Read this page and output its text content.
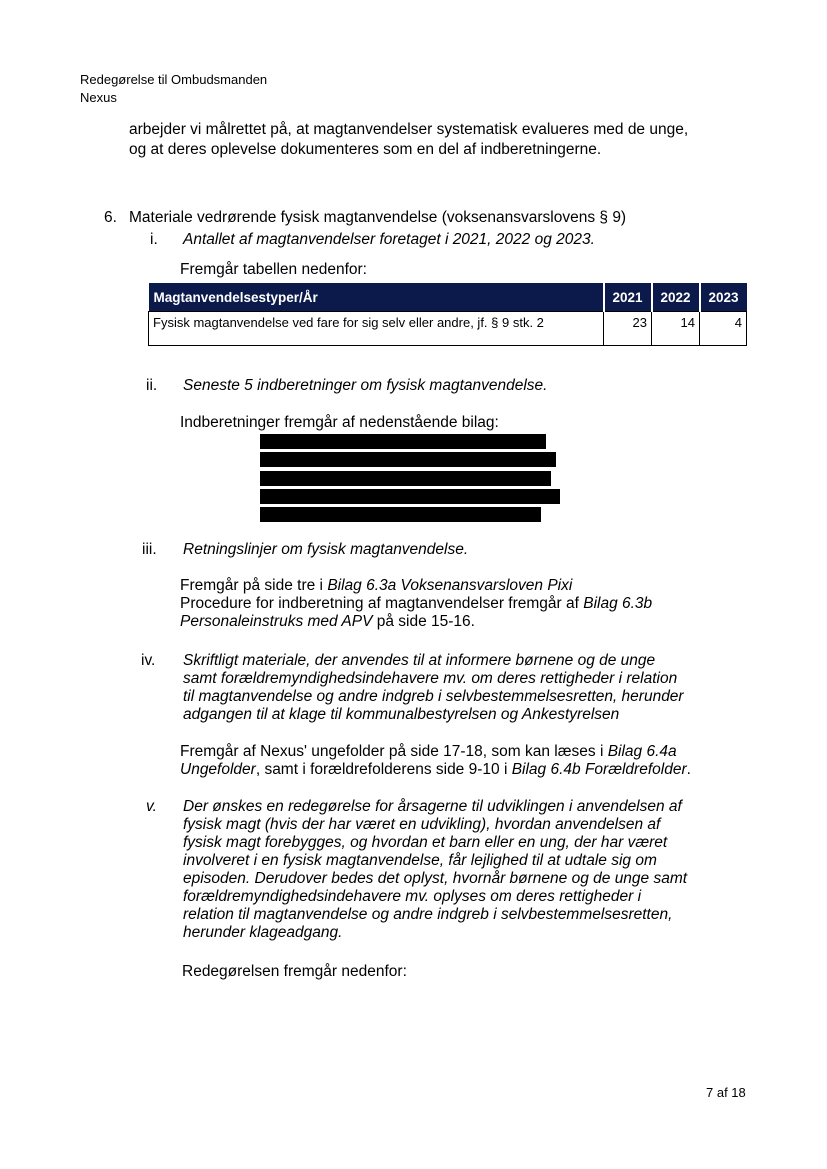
Redegørelse til Ombudsmanden
Nexus
arbejder vi målrettet på, at magtanvendelser systematisk evalueres med de unge,
og at deres oplevelse dokumenteres som en del af indberetningerne.
6. Materiale vedrørende fysisk magtanvendelse (voksenansvarslovens § 9)
i. Antallet af magtanvendelser foretaget i 2021, 2022 og 2023.
Fremgår tabellen nedenfor:
Magtanvendelsestyper/År	2021	2022	2023
Fysisk magtanvendelse ved fare for sig selv eller andre, jf. § 9 stk. 2	23	14	4
ii. Seneste 5 indberetninger om fysisk magtanvendelse.
Indberetninger fremgår af nedenstående bilag:
iii. Retningslinjer om fysisk magtanvendelse.
Fremgår på side tre i Bilag 6.3a Voksenansvarsloven Pixi
Procedure for indberetning af magtanvendelser fremgår af Bilag 6.3b
Personaleinstruks med APV på side 15-16.
iv. Skriftligt materiale, der anvendes til at informere børnene og de unge
samt forældremyndighedsindehavere mv. om deres rettigheder i relation
til magtanvendelse og andre indgreb i selvbestemmelsesretten, herunder
adgangen til at klage til kommunalbestyrelsen og Ankestyrelsen
Fremgår af Nexus' ungefolder på side 17-18, som kan læses i Bilag 6.4a
Ungefolder, samt i forældrefolderens side 9-10 i Bilag 6.4b Forældrefolder.
v. Der ønskes en redegørelse for årsagerne til udviklingen i anvendelsen af
fysisk magt (hvis der har været en udvikling), hvordan anvendelsen af
fysisk magt forebygges, og hvordan et barn eller en ung, der har været
involveret i en fysisk magtanvendelse, får lejlighed til at udtale sig om
episoden. Derudover bedes det oplyst, hvornår børnene og de unge samt
forældremyndighedsindehavere mv. oplyses om deres rettigheder i
relation til magtanvendelse og andre indgreb i selvbestemmelsesretten,
herunder klageadgang.
Redegørelsen fremgår nedenfor:
7 af 18
